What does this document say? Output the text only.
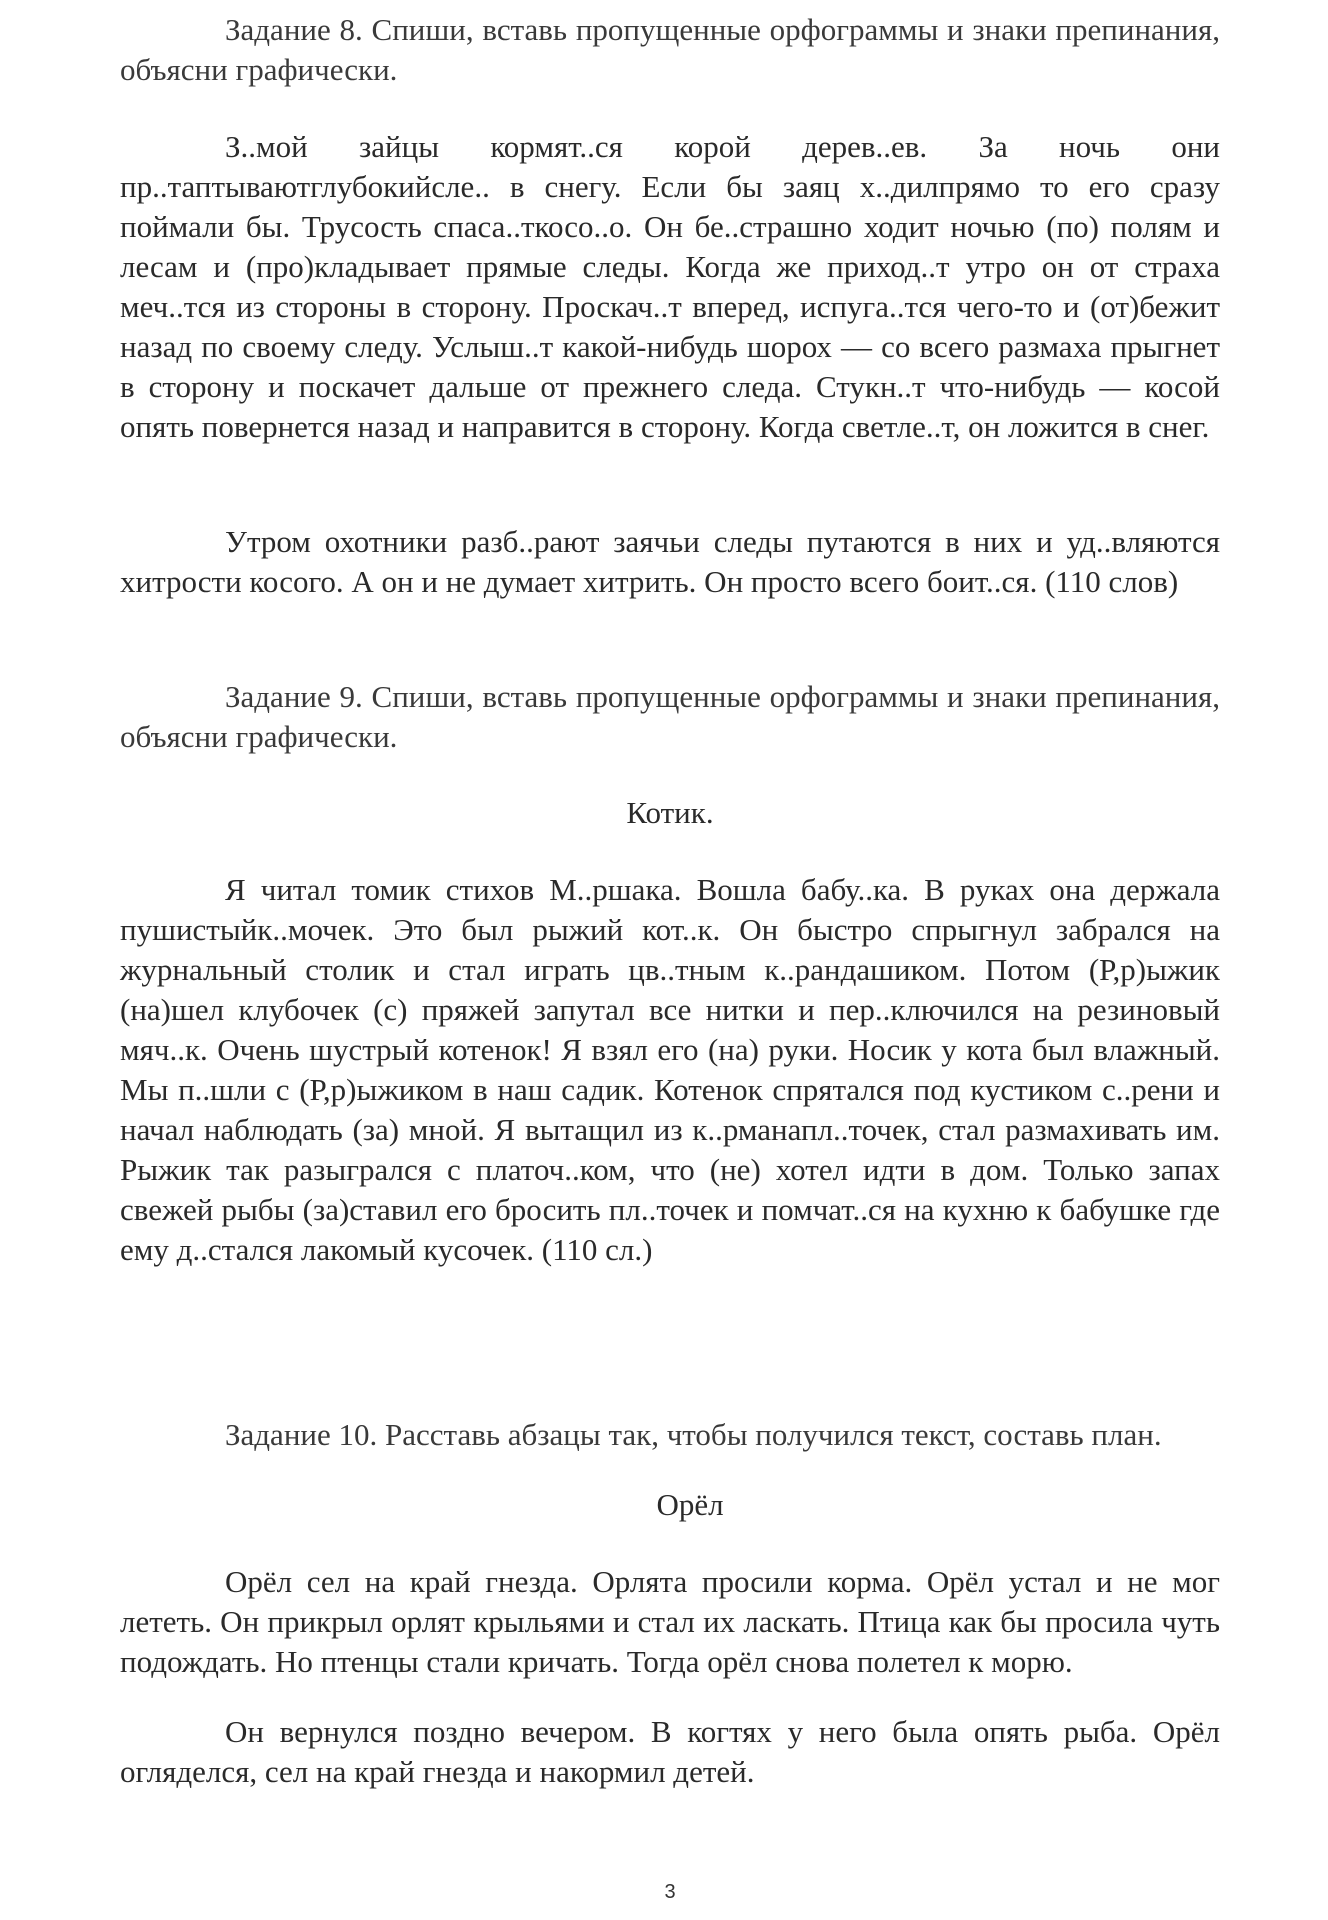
Задание 8. Спиши, вставь пропущенные орфограммы и знаки препинания, объясни графически.

З..мой зайцы кормят..ся корой дерев..ев. За ночь они пр..таптываютглубокийсле.. в снегу. Если бы заяц х..дилпрямо то его сразу поймали бы. Трусость спаса..ткосо..о. Он бе..страшно ходит ночью (по) полям и лесам и (про)кладывает прямые следы. Когда же приход..т утро он от страха меч..тся из стороны в сторону. Проскач..т вперед, испуга..тся чего-то и (от)бежит назад по своему следу. Услыш..т какой-нибудь шорох — со всего размаха прыгнет в сторону и поскачет дальше от прежнего следа. Стукн..т что-нибудь — косой опять повернется назад и направится в сторону. Когда светле..т, он ложится в снег.

Утром охотники разб..рают заячьи следы путаются в них и уд..вляются хитрости косого. А он и не думает хитрить. Он просто всего боит..ся. (110 слов)

Задание 9. Спиши, вставь пропущенные орфограммы и знаки препинания, объясни графически.

Котик.

Я читал томик стихов М..ршака. Вошла бабу..ка. В руках она держала пушистыйк..мочек. Это был рыжий кот..к. Он быстро спрыгнул забрался на журнальный столик и стал играть цв..тным к..рандашиком. Потом (Р,р)ыжик (на)шел клубочек (с) пряжей запутал все нитки и пер..ключился на резиновый мяч..к. Очень шустрый котенок! Я взял его (на) руки. Носик у кота был влажный. Мы п..шли с (Р,р)ыжиком в наш садик. Котенок спрятался под кустиком с..рени и начал наблюдать (за) мной. Я вытащил из к..рманапл..точек, стал размахивать им. Рыжик так разыгрался с платоч..ком, что (не) хотел идти в дом. Только запах свежей рыбы (за)ставил его бросить пл..точек и помчат..ся на кухню к бабушке где ему д..стался лакомый кусочек. (110 сл.)

Задание 10. Расставь абзацы так, чтобы получился текст, составь план.

Орёл

Орёл сел на край гнезда. Орлята просили корма. Орёл устал и не мог лететь. Он прикрыл орлят крыльями и стал их ласкать. Птица как бы просила чуть подождать. Но птенцы стали кричать. Тогда орёл снова полетел к морю.

Он вернулся поздно вечером. В когтях у него была опять рыба. Орёл огляделся, сел на край гнезда и накормил детей.

3
